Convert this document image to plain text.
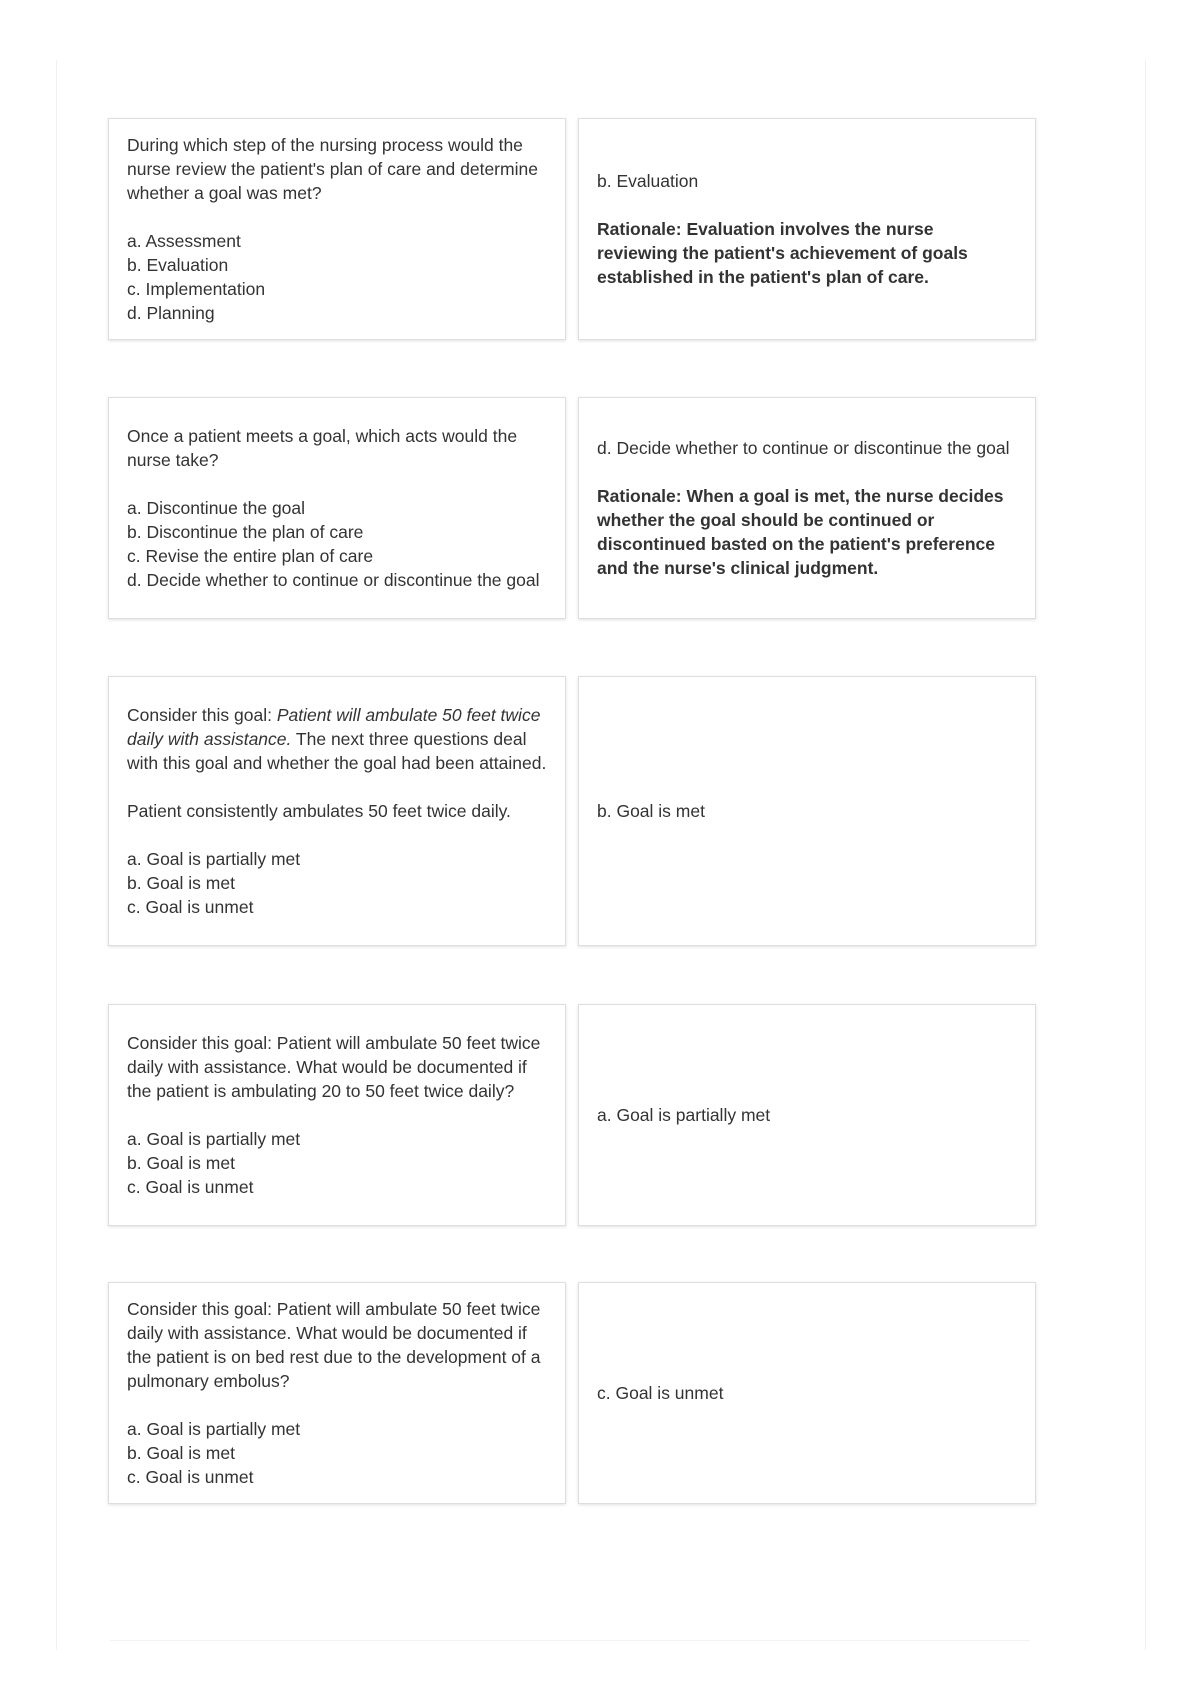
During which step of the nursing process would the nurse review the patient's plan of care and determine whether a goal was met?
a. Assessment
b. Evaluation
c. Implementation
d. Planning
b. Evaluation
Rationale: Evaluation involves the nurse reviewing the patient's achievement of goals established in the patient's plan of care.
Once a patient meets a goal, which acts would the nurse take?
a. Discontinue the goal
b. Discontinue the plan of care
c. Revise the entire plan of care
d. Decide whether to continue or discontinue the goal
d. Decide whether to continue or discontinue the goal
Rationale: When a goal is met, the nurse decides whether the goal should be continued or discontinued basted on the patient's preference and the nurse's clinical judgment.
Consider this goal: Patient will ambulate 50 feet twice daily with assistance. The next three questions deal with this goal and whether the goal had been attained.
Patient consistently ambulates 50 feet twice daily.
a. Goal is partially met
b. Goal is met
c. Goal is unmet
b. Goal is met
Consider this goal: Patient will ambulate 50 feet twice daily with assistance. What would be documented if the patient is ambulating 20 to 50 feet twice daily?
a. Goal is partially met
b. Goal is met
c. Goal is unmet
a. Goal is partially met
Consider this goal: Patient will ambulate 50 feet twice daily with assistance. What would be documented if the patient is on bed rest due to the development of a pulmonary embolus?
a. Goal is partially met
b. Goal is met
c. Goal is unmet
c. Goal is unmet
